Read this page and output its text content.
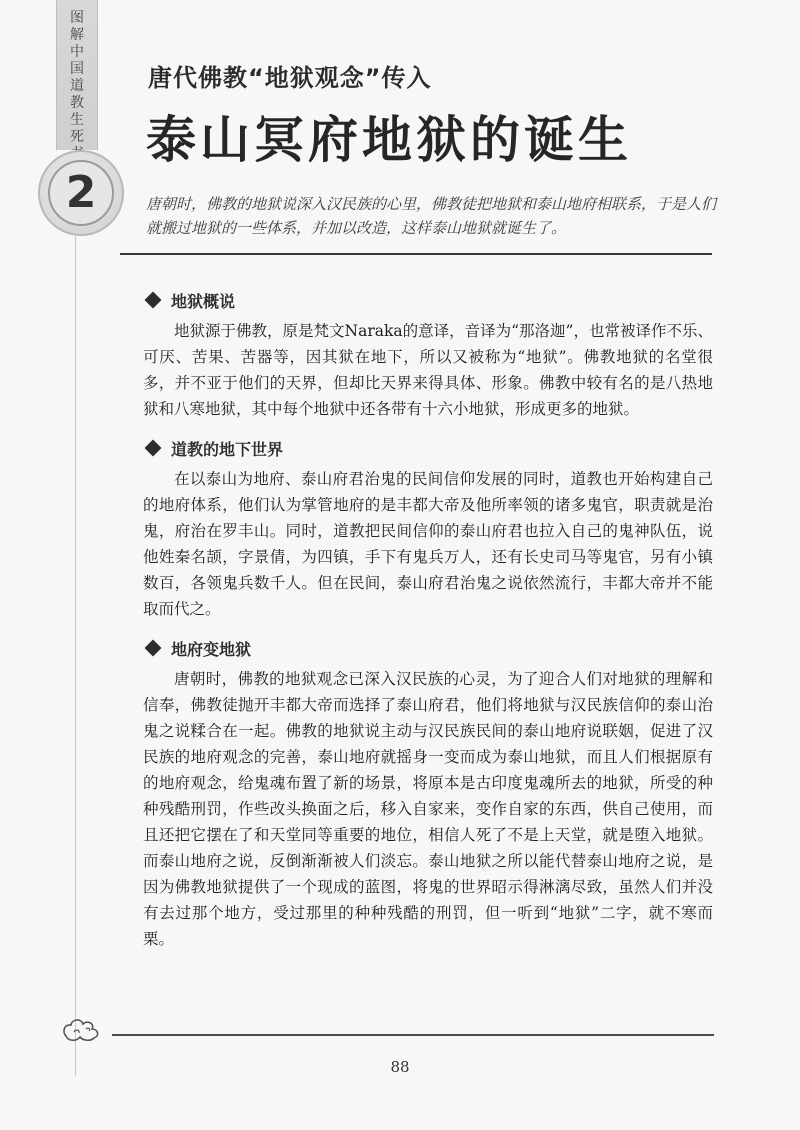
图
解
中
国
道
教
生
死
2
唐代佛教“地狱观念”传入
泰山冥府地狱的诞生
唐朝时，佛教的地狱说深入汉民族的心里，佛教徒把地狱和泰山地府相联系，于是人们就搬过地狱的一些体系，并加以改造，这样泰山地狱就诞生了。
地狱概说
地狱源于佛教，原是梵文Naraka的意译，音译为“那洛迦”，也常被译作不乐、可厌、苦果、苦器等，因其狱在地下，所以又被称为“地狱”。佛教地狱的名堂很多，并不亚于他们的天界，但却比天界来得具体、形象。佛教中较有名的是八热地狱和八寒地狱，其中每个地狱中还各带有十六小地狱，形成更多的地狱。
道教的地下世界
在以泰山为地府、泰山府君治鬼的民间信仰发展的同时，道教也开始构建自己的地府体系，他们认为掌管地府的是丰都大帝及他所率领的诸多鬼官，职责就是治鬼，府治在罗丰山。同时，道教把民间信仰的泰山府君也拉入自己的鬼神队伍，说他姓秦名颉，字景倩，为四镇，手下有鬼兵万人，还有长史司马等鬼官，另有小镇数百，各领鬼兵数千人。但在民间，泰山府君治鬼之说依然流行，丰都大帝并不能取而代之。
地府变地狱
唐朝时，佛教的地狱观念已深入汉民族的心灵，为了迎合人们对地狱的理解和信奉，佛教徒抛开丰都大帝而选择了泰山府君，他们将地狱与汉民族信仰的泰山治鬼之说糅合在一起。佛教的地狱说主动与汉民族民间的泰山地府说联姻，促进了汉民族的地府观念的完善，泰山地府就摇身一变而成为泰山地狱，而且人们根据原有的地府观念，给鬼魂布置了新的场景，将原本是古印度鬼魂所去的地狱，所受的种种残酷刑罚，作些改头换面之后，移入自家来，变作自家的东西，供自己使用，而且还把它摆在了和天堂同等重要的地位，相信人死了不是上天堂，就是堕入地狱。而泰山地府之说，反倒渐渐被人们淡忘。泰山地狱之所以能代替泰山地府之说，是因为佛教地狱提供了一个现成的蓝图，将鬼的世界昭示得淋漓尽致，虽然人们并没有去过那个地方，受过那里的种种残酷的刑罚，但一听到“地狱”二字，就不寒而栗。
88
